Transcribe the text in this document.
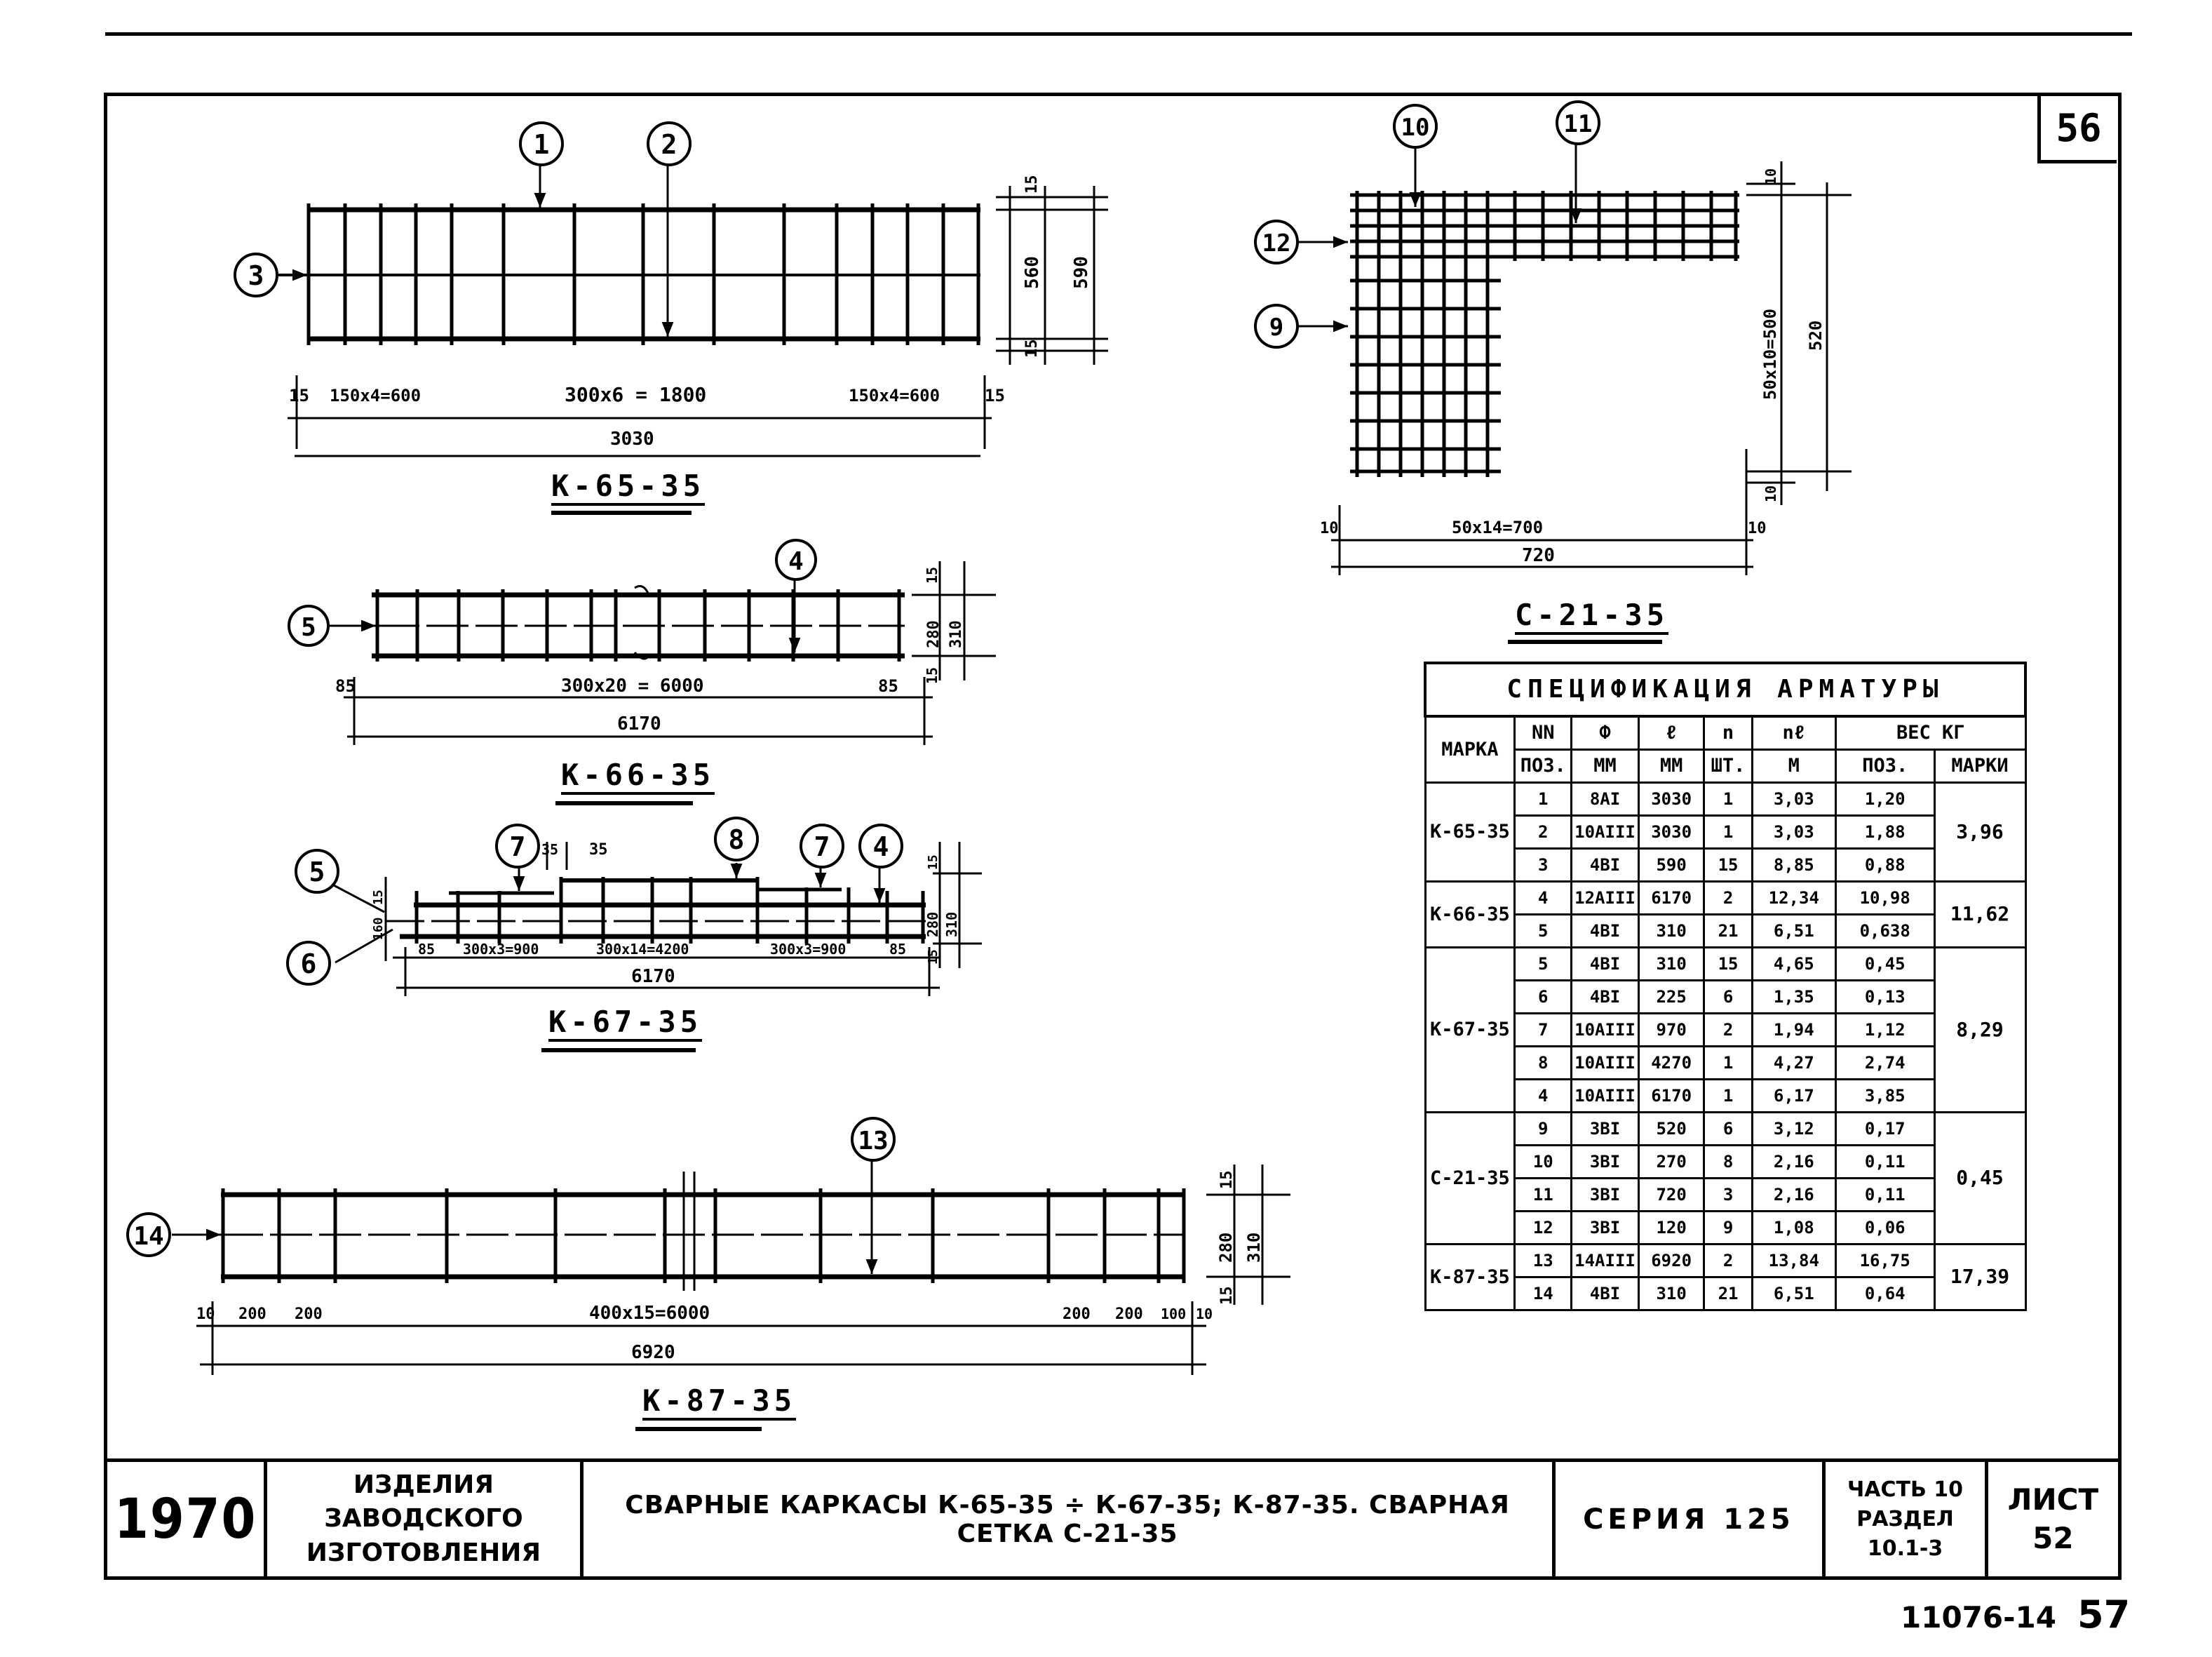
56
1	2
3
15 150х4=600	300х6 = 1800	150х4=600	15
3030
15
560 590
15
4
5
85	300х20 = 6000	85
6170
15
280 310
15
5
6
7	8	7 4
35 35
85 300х3=900	300х14=4200	300х3=900	85
6170
15
280 310
15
15
160
13
14
10 200 200	400х15=6000	200 200 100 10
6920
15
280 310
15
10	11
12
9
10	50х14=700	10
720
10
50х10=500 520
10
К-65-35
К-66-35
К-67-35
К-87-35
С-21-35
СПЕЦИФИКАЦИЯ АРМАТУРЫ							
МАРКА	NN	Ф	ℓ	n	nℓ	ВЕС КГ	
	ПОЗ.	ММ	ММ	ШТ.	М	ПОЗ.	МАРКИ
К-65-35	1	8AI	3030	1	3,03	1,20	3,96
	2	10AIII	3030	1	3,03	1,88	
	3	4BI	590	15	8,85	0,88	
К-66-35	4	12AIII	6170	2	12,34	10,98	11,62
	5	4BI	310	21	6,51	0,638	
К-67-35	5	4BI	310	15	4,65	0,45	8,29
	6	4BI	225	6	1,35	0,13	
	7	10AIII	970	2	1,94	1,12	
	8	10AIII	4270	1	4,27	2,74	
	4	10AIII	6170	1	6,17	3,85	
С-21-35	9	3BI	520	6	3,12	0,17	0,45
	10	3BI	270	8	2,16	0,11	
	11	3BI	720	3	2,16	0,11	
	12	3BI	120	9	1,08	0,06	
К-87-35	13	14AIII	6920	2	13,84	16,75	17,39
	14	4BI	310	21	6,51	0,64	
1970	
ИЗДЕЛИЯ ЗАВОДСКОГО
ИЗГОТОВЛЕНИЯ
	СВАРНЫЕ КАРКАСЫ К-65-35 ÷ К-67-35; К-87-35. СВАРНАЯ СЕТКА С-21-35	СЕРИЯ 125	
ЧАСТЬ 10
РАЗДЕЛ 10.1-3

ЛИСТ
52
11076-14 57
